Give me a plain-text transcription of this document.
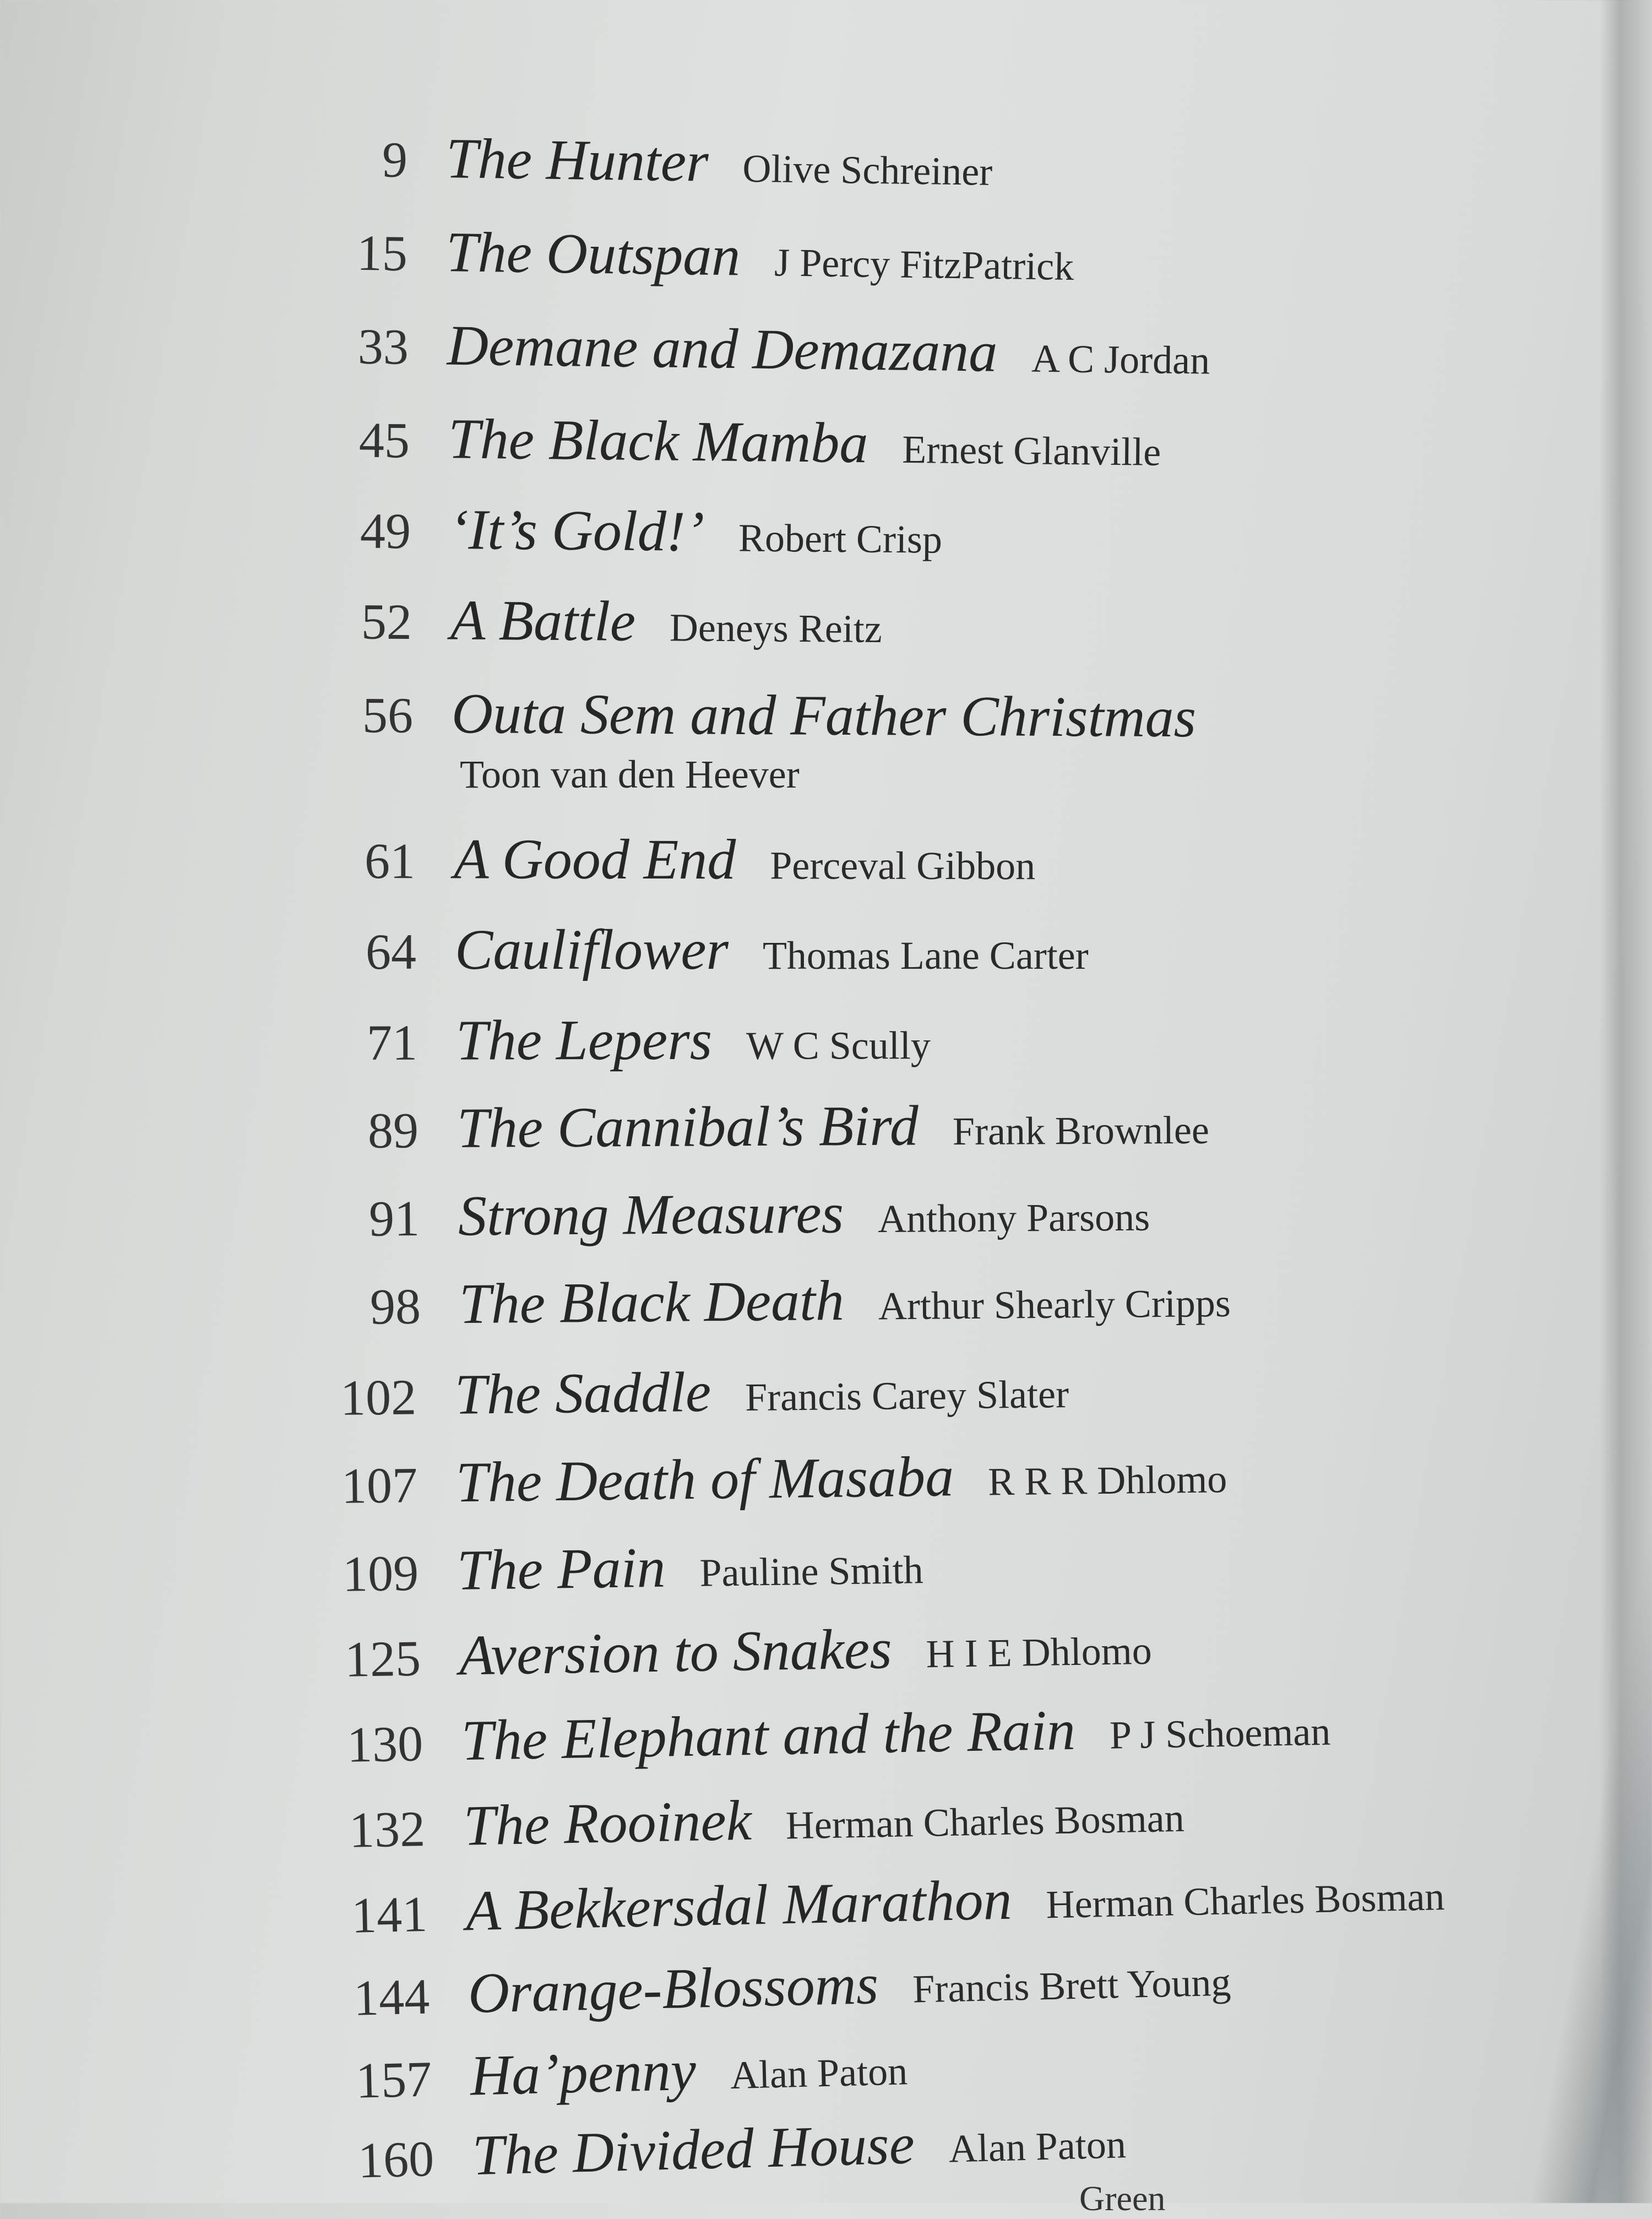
9 The Hunter Olive Schreiner
15 The Outspan J Percy FitzPatrick
33 Demane and Demazana A C Jordan
45 The Black Mamba Ernest Glanville
49 ‘It’s Gold!’ Robert Crisp
52 A Battle Deneys Reitz
56 Outa Sem and Father Christmas
Toon van den Heever
61 A Good End Perceval Gibbon
64 Cauliflower Thomas Lane Carter
71 The Lepers W C Scully
89 The Cannibal’s Bird Frank Brownlee
91 Strong Measures Anthony Parsons
98 The Black Death Arthur Shearly Cripps
102 The Saddle Francis Carey Slater
107 The Death of Masaba R R R Dhlomo
109 The Pain Pauline Smith
125 Aversion to Snakes H I E Dhlomo
130 The Elephant and the Rain P J Schoeman
132 The Rooinek Herman Charles Bosman
141 A Bekkersdal Marathon Herman Charles Bosman
144 Orange-Blossoms Francis Brett Young
157 Ha’penny Alan Paton
160 The Divided House Alan Paton
Green
